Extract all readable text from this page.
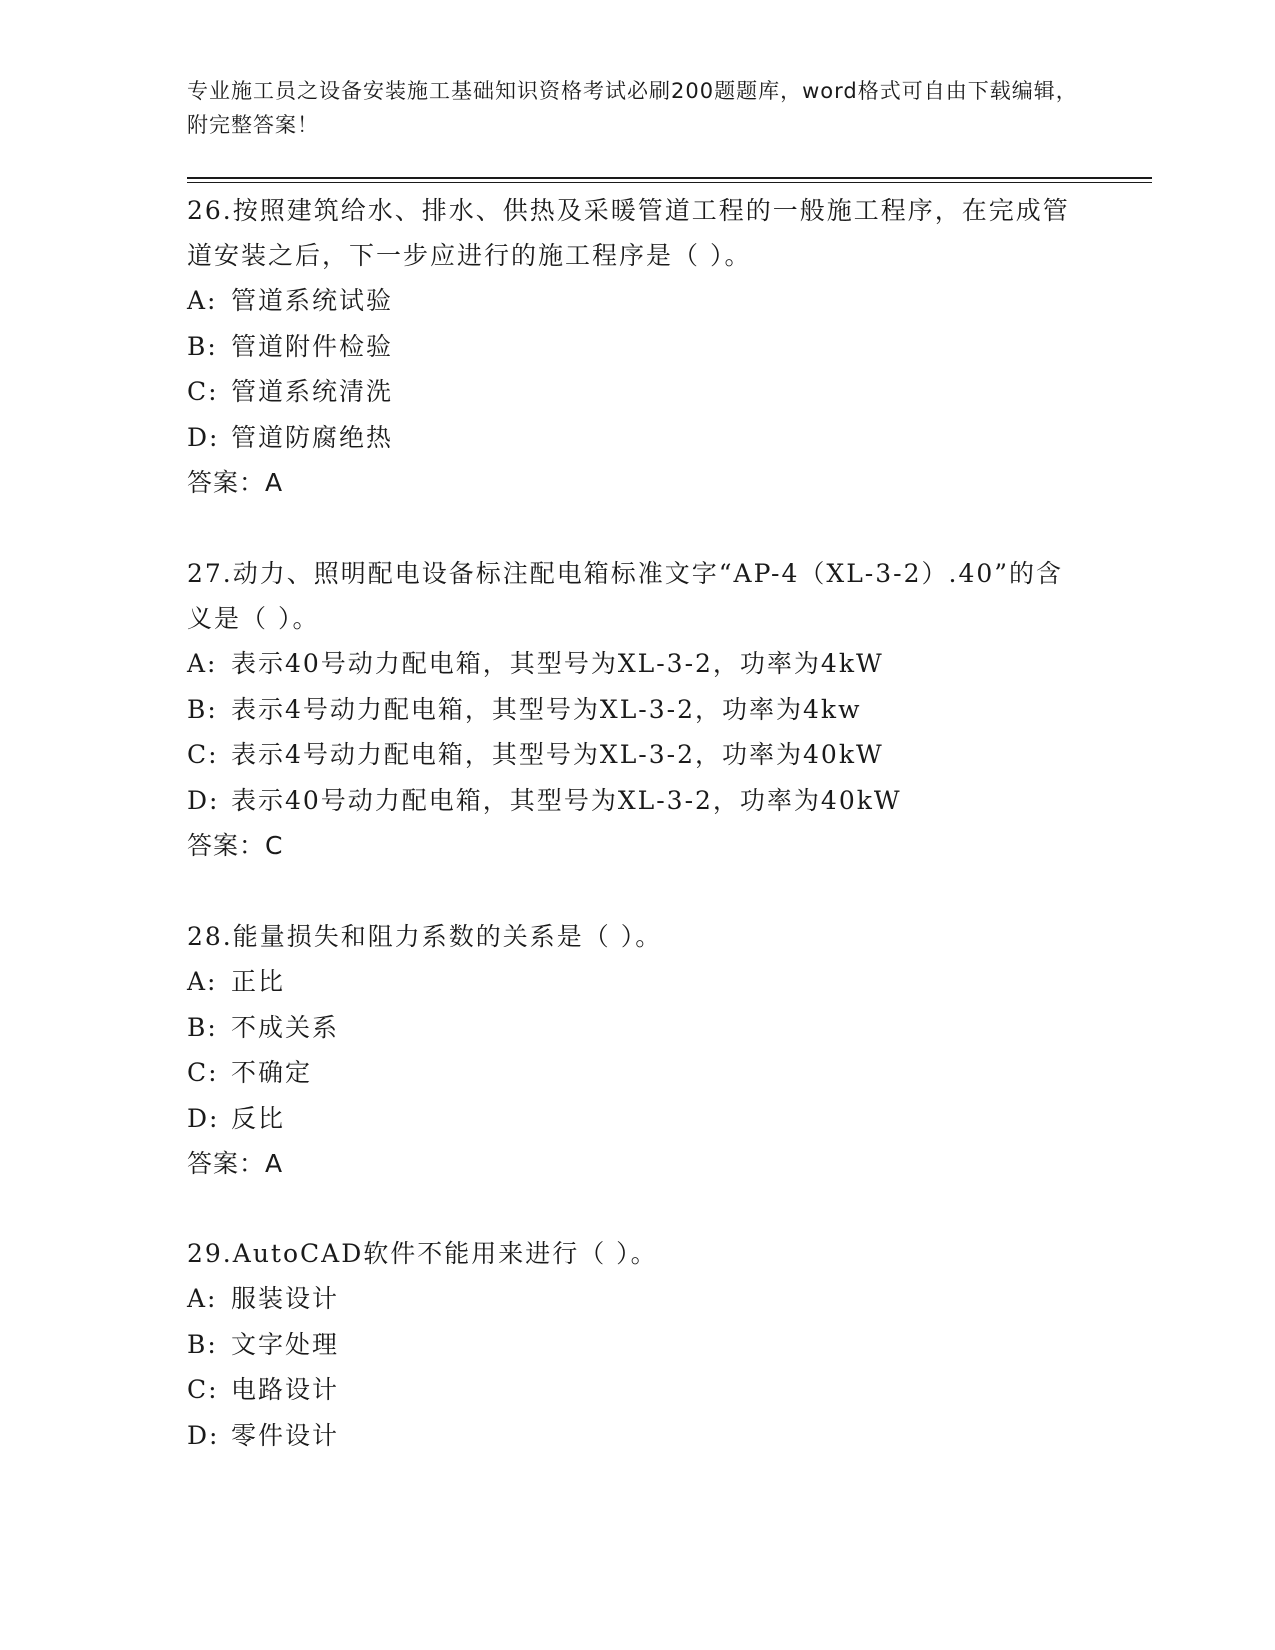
专业施工员之设备安装施工基础知识资格考试必刷200题题库，word格式可自由下载编辑，附完整答案！
26.按照建筑给水、排水、供热及采暖管道工程的一般施工程序，在完成管道安装之后，下一步应进行的施工程序是（ ）。
A: 管道系统试验
B: 管道附件检验
C: 管道系统清洗
D: 管道防腐绝热
答案：A
27.动力、照明配电设备标注配电箱标准文字“AP-4（XL-3-2）.40”的含义是（ ）。
A: 表示40号动力配电箱，其型号为XL-3-2，功率为4kW
B: 表示4号动力配电箱，其型号为XL-3-2，功率为4kw
C: 表示4号动力配电箱，其型号为XL-3-2，功率为40kW
D: 表示40号动力配电箱，其型号为XL-3-2，功率为40kW
答案：C
28.能量损失和阻力系数的关系是（ ）。
A: 正比
B: 不成关系
C: 不确定
D: 反比
答案：A
29.AutoCAD软件不能用来进行（ ）。
A: 服装设计
B: 文字处理
C: 电路设计
D: 零件设计
